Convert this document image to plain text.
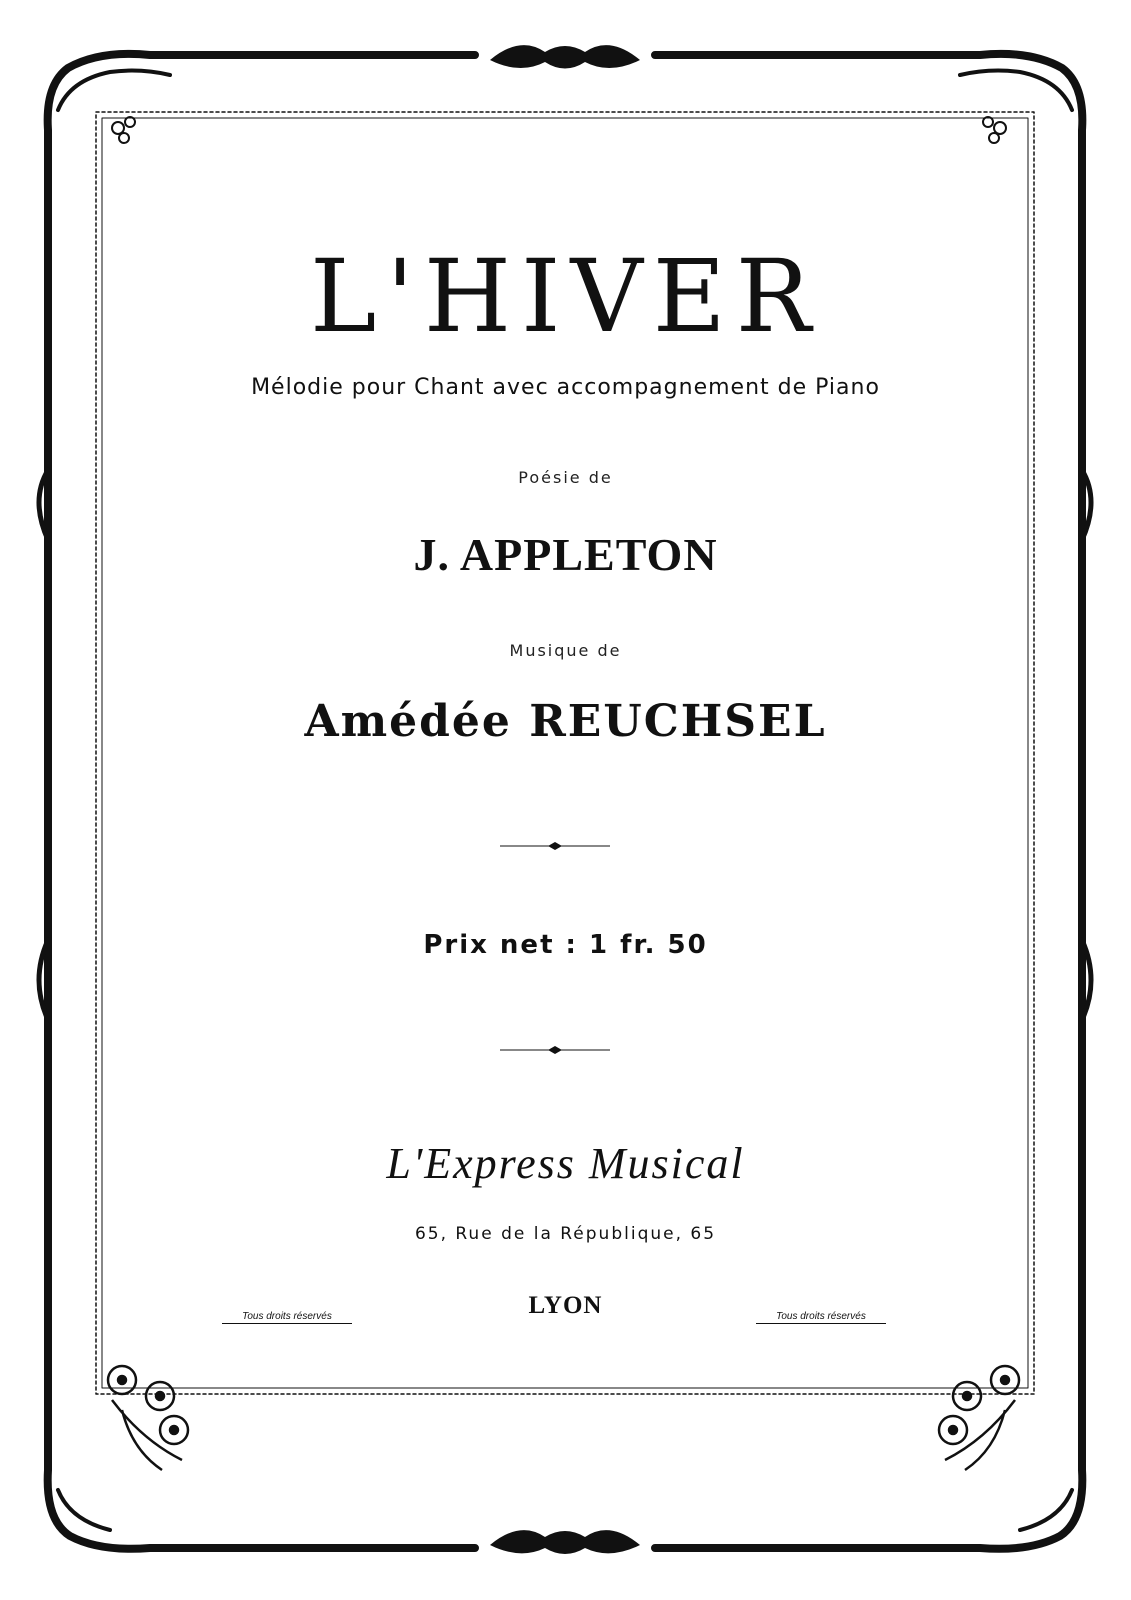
L'HIVER

Mélodie pour Chant avec accompagnement de Piano

Poésie de

J. APPLETON

Musique de

Amédée REUCHSEL

Prix net : 1 fr. 50

L'Express Musical

65, Rue de la République, 65

LYON

Tous droits réservés	Tous droits réservés
